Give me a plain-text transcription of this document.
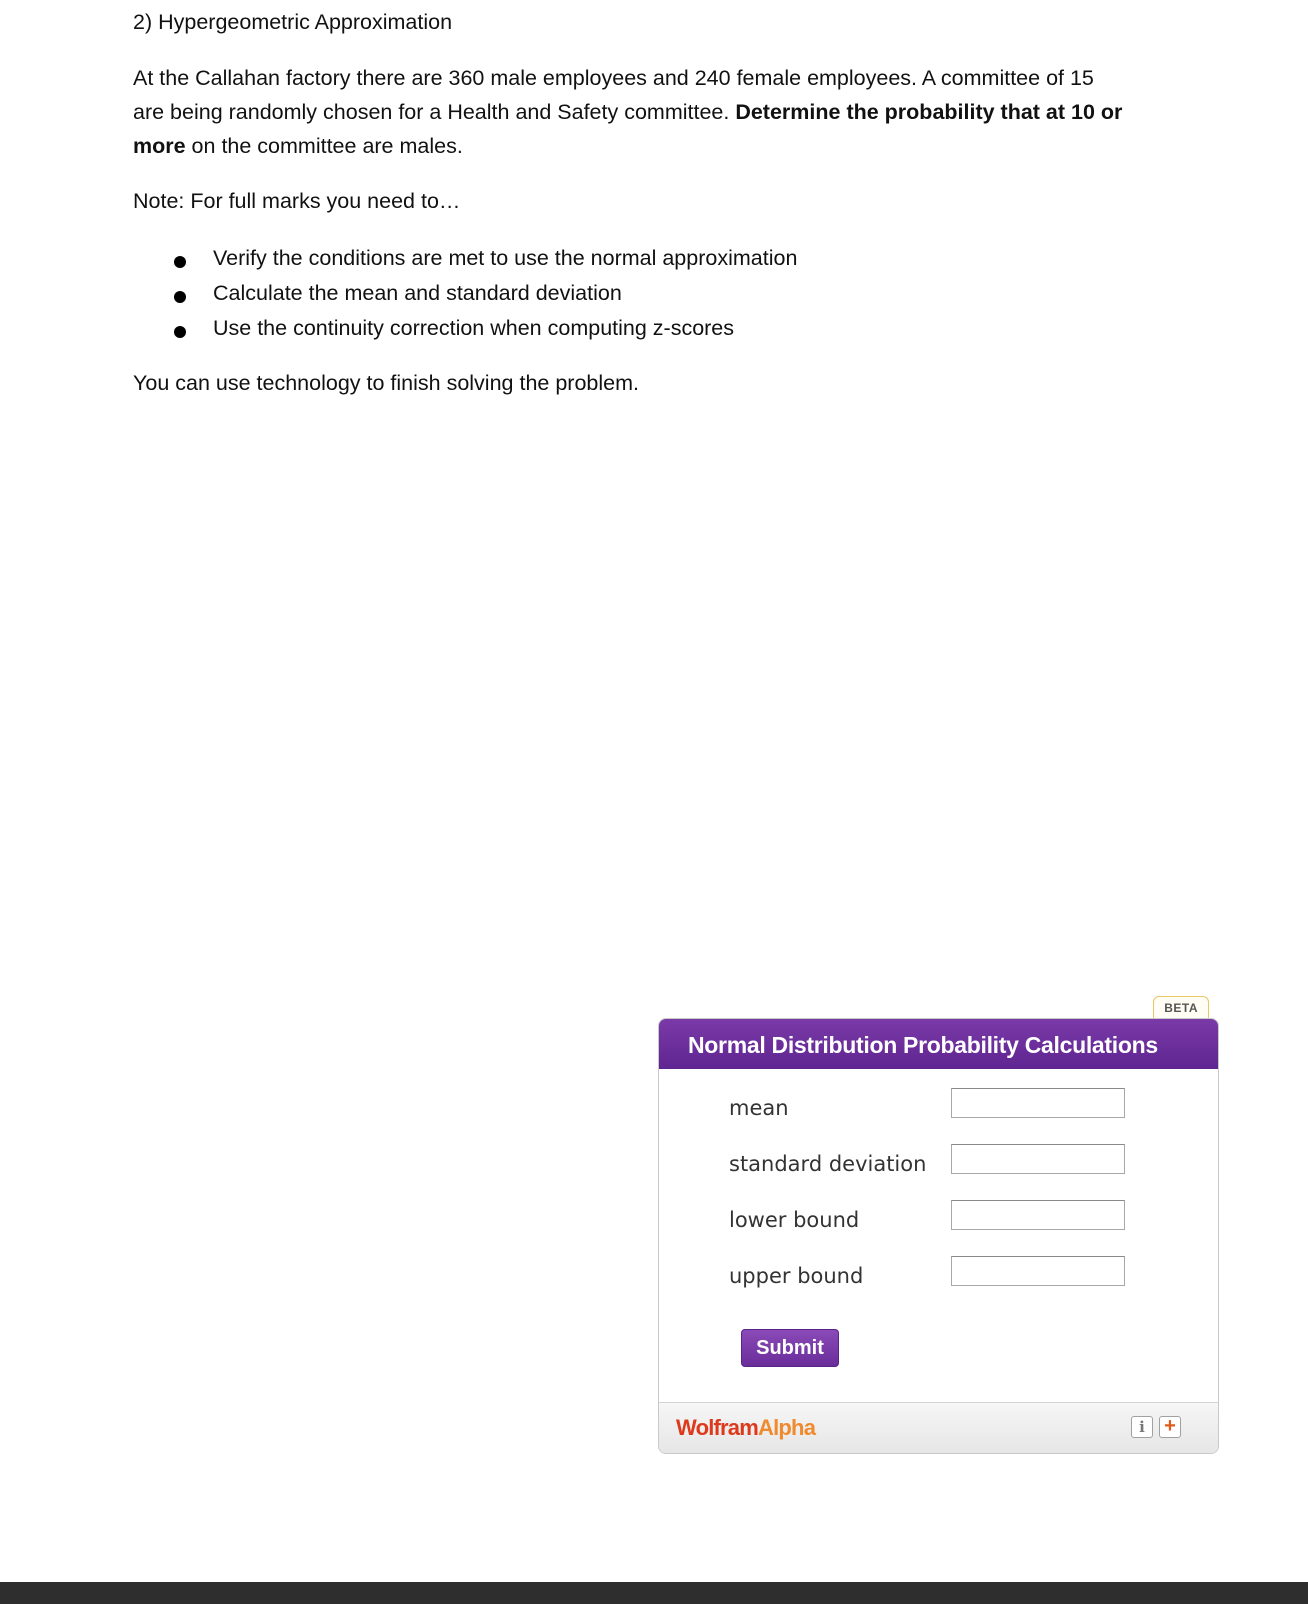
2) Hypergeometric Approximation
At the Callahan factory there are 360 male employees and 240 female employees. A committee of 15
are being randomly chosen for a Health and Safety committee. Determine the probability that at 10 or
more on the committee are males.
Note: For full marks you need to…
Verify the conditions are met to use the normal approximation
Calculate the mean and standard deviation
Use the continuity correction when computing z-scores
You can use technology to finish solving the problem.
BETA
Normal Distribution Probability Calculations
mean
standard deviation
lower bound
upper bound
Submit
WolframAlpha	i +
